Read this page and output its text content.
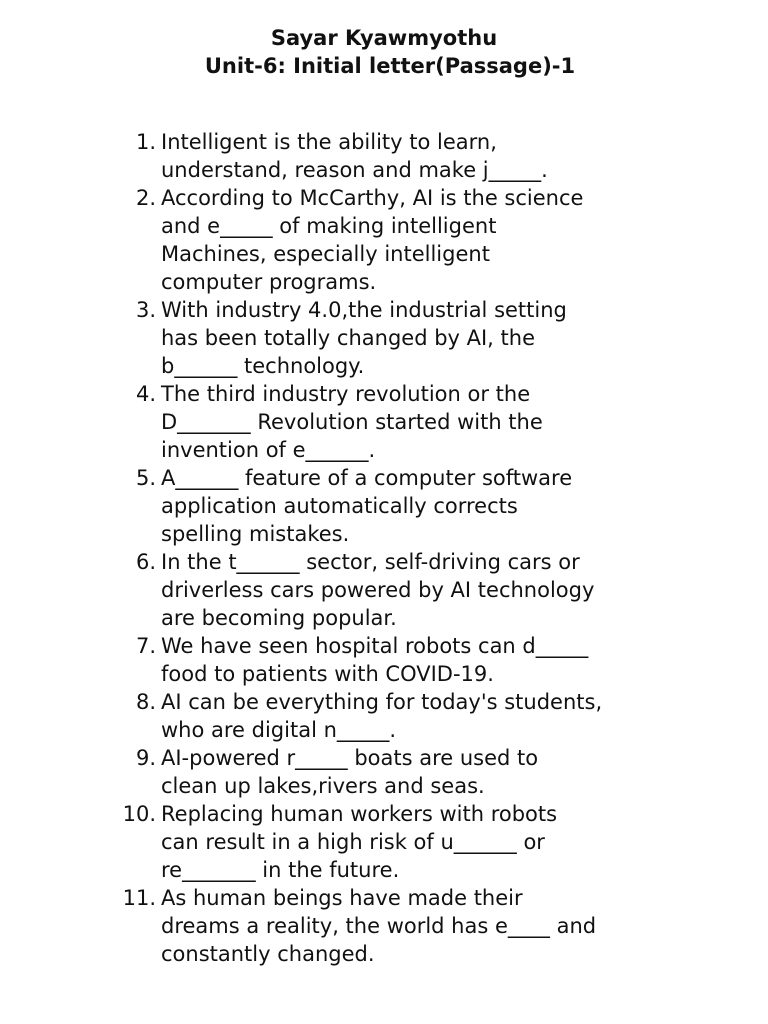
Sayar Kyawmyothu
Unit-6: Initial letter(Passage)-1
1. Intelligent is the ability to learn,
understand, reason and make j_____.
2. According to McCarthy, AI is the science
and e_____ of making intelligent
Machines, especially intelligent
computer programs.
3. With industry 4.0,the industrial setting
has been totally changed by AI, the
b______ technology.
4. The third industry revolution or the
D_______ Revolution started with the
invention of e______.
5. A______ feature of a computer software
application automatically corrects
spelling mistakes.
6. In the t______ sector, self-driving cars or
driverless cars powered by AI technology
are becoming popular.
7. We have seen hospital robots can d_____
food to patients with COVID-19.
8. AI can be everything for today's students,
who are digital n_____.
9. AI-powered r_____ boats are used to
clean up lakes,rivers and seas.
10. Replacing human workers with robots
can result in a high risk of u______ or
re_______ in the future.
11. As human beings have made their
dreams a reality, the world has e____ and
constantly changed.
